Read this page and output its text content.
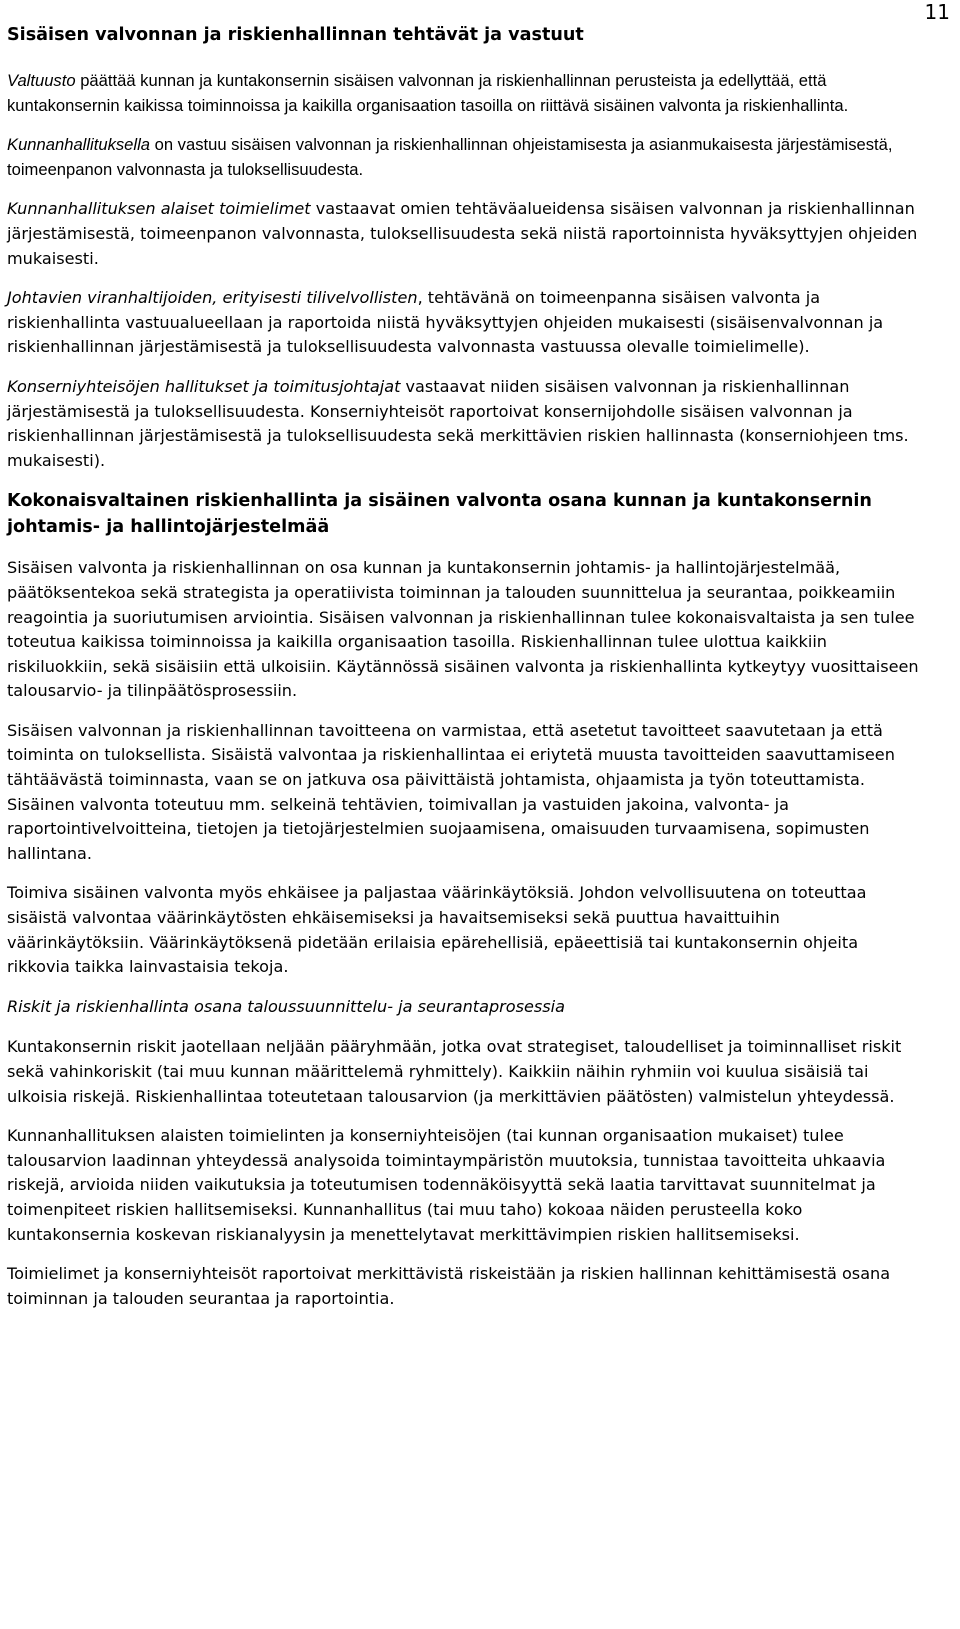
11
Sisäisen valvonnan ja riskienhallinnan tehtävät ja vastuut

Valtuusto päättää kunnan ja kuntakonsernin sisäisen valvonnan ja riskienhallinnan perusteista ja edellyttää, että kuntakonsernin kaikissa toiminnoissa ja kaikilla organisaation tasoilla on riittävä sisäinen valvonta ja riskienhallinta.

Kunnanhallituksella on vastuu sisäisen valvonnan ja riskienhallinnan ohjeistamisesta ja asianmukaisesta järjestämisestä, toimeenpanon valvonnasta ja tuloksellisuudesta.

Kunnanhallituksen alaiset toimielimet vastaavat omien tehtäväalueidensa sisäisen valvonnan ja riskienhallinnan järjestämisestä, toimeenpanon valvonnasta, tuloksellisuudesta sekä niistä raportoinnista hyväksyttyjen ohjeiden mukaisesti.

Johtavien viranhaltijoiden, erityisesti tilivelvollisten, tehtävänä on toimeenpanna sisäisen valvonta ja riskienhallinta vastuualueellaan ja raportoida niistä hyväksyttyjen ohjeiden mukaisesti (sisäisenvalvonnan ja riskienhallinnan järjestämisestä ja tuloksellisuudesta valvonnasta vastuussa olevalle toimielimelle).

Konserniyhteisöjen hallitukset ja toimitusjohtajat vastaavat niiden sisäisen valvonnan ja riskienhallinnan järjestämisestä ja tuloksellisuudesta. Konserniyhteisöt raportoivat konsernijohdolle sisäisen valvonnan ja riskienhallinnan järjestämisestä ja tuloksellisuudesta sekä merkittävien riskien hallinnasta (konserniohjeen tms. mukaisesti).

Kokonaisvaltainen riskienhallinta ja sisäinen valvonta osana kunnan ja kuntakonsernin johtamis- ja hallintojärjestelmää

Sisäisen valvonta ja riskienhallinnan on osa kunnan ja kuntakonsernin johtamis- ja hallintojärjestelmää, päätöksentekoa sekä strategista ja operatiivista toiminnan ja talouden suunnittelua ja seurantaa, poikkeamiin reagointia ja suoriutumisen arviointia. Sisäisen valvonnan ja riskienhallinnan tulee kokonaisvaltaista ja sen tulee toteutua kaikissa toiminnoissa ja kaikilla organisaation tasoilla. Riskienhallinnan tulee ulottua kaikkiin riskiluokkiin, sekä sisäisiin että ulkoisiin. Käytännössä sisäinen valvonta ja riskienhallinta kytkeytyy vuosittaiseen talousarvio- ja tilinpäätösprosessiin.

Sisäisen valvonnan ja riskienhallinnan tavoitteena on varmistaa, että asetetut tavoitteet saavutetaan ja että toiminta on tuloksellista. Sisäistä valvontaa ja riskienhallintaa ei eriytetä muusta tavoitteiden saavuttamiseen tähtäävästä toiminnasta, vaan se on jatkuva osa päivittäistä johtamista, ohjaamista ja työn toteuttamista. Sisäinen valvonta toteutuu mm. selkeinä tehtävien, toimivallan ja vastuiden jakoina, valvonta- ja raportointivelvoitteina, tietojen ja tietojärjestelmien suojaamisena, omaisuuden turvaamisena, sopimusten hallintana.

Toimiva sisäinen valvonta myös ehkäisee ja paljastaa väärinkäytöksiä. Johdon velvollisuutena on toteuttaa sisäistä valvontaa väärinkäytösten ehkäisemiseksi ja havaitsemiseksi sekä puuttua havaittuihin väärinkäytöksiin. Väärinkäytöksenä pidetään erilaisia epärehellisiä, epäeettisiä tai kuntakonsernin ohjeita rikkovia taikka lainvastaisia tekoja.

Riskit ja riskienhallinta osana taloussuunnittelu- ja seurantaprosessia

Kuntakonsernin riskit jaotellaan neljään pääryhmään, jotka ovat strategiset, taloudelliset ja toiminnalliset riskit sekä vahinkoriskit (tai muu kunnan määrittelemä ryhmittely). Kaikkiin näihin ryhmiin voi kuulua sisäisiä tai ulkoisia riskejä. Riskienhallintaa toteutetaan talousarvion (ja merkittävien päätösten) valmistelun yhteydessä.

Kunnanhallituksen alaisten toimielinten ja konserniyhteisöjen (tai kunnan organisaation mukaiset) tulee talousarvion laadinnan yhteydessä analysoida toimintaympäristön muutoksia, tunnistaa tavoitteita uhkaavia riskejä, arvioida niiden vaikutuksia ja toteutumisen todennäköisyyttä sekä laatia tarvittavat suunnitelmat ja toimenpiteet riskien hallitsemiseksi. Kunnanhallitus (tai muu taho) kokoaa näiden perusteella koko kuntakonsernia koskevan riskianalyysin ja menettelytavat merkittävimpien riskien hallitsemiseksi.

Toimielimet ja konserniyhteisöt raportoivat merkittävistä riskeistään ja riskien hallinnan kehittämisestä osana toiminnan ja talouden seurantaa ja raportointia.
